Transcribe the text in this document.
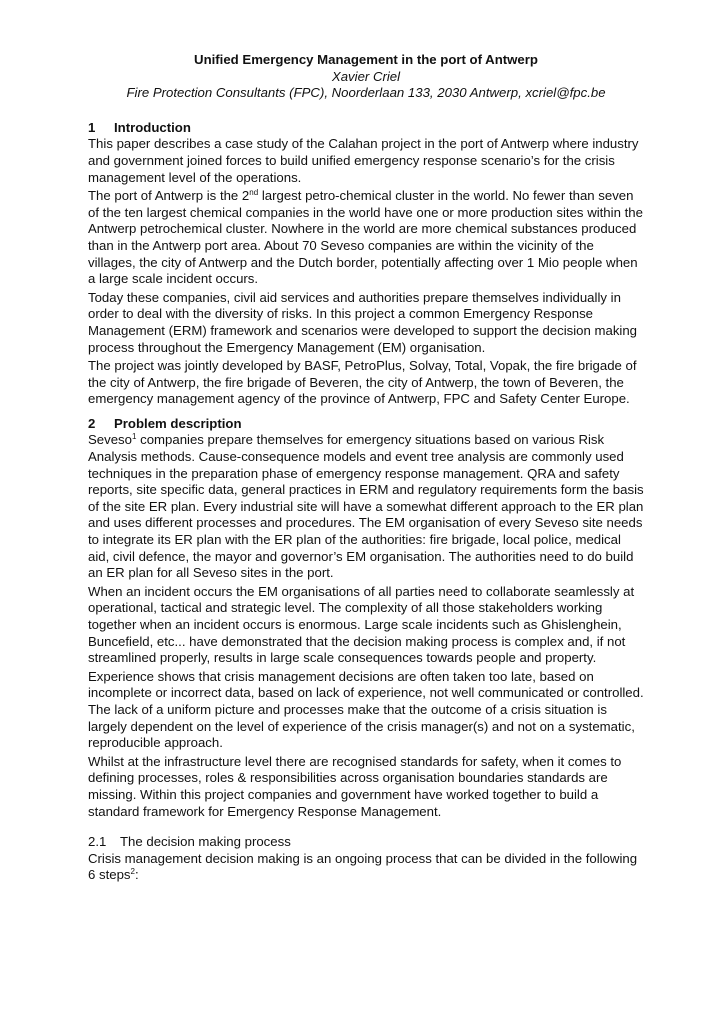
Unified Emergency Management in the port of Antwerp

Xavier Criel

Fire Protection Consultants (FPC), Noorderlaan 133, 2030 Antwerp, xcriel@fpc.be

1 Introduction

This paper describes a case study of the Calahan project in the port of Antwerp where industry and government joined forces to build unified emergency response scenario’s for the crisis management level of the operations.

The port of Antwerp is the 2nd largest petro-chemical cluster in the world. No fewer than seven of the ten largest chemical companies in the world have one or more production sites within the Antwerp petrochemical cluster. Nowhere in the world are more chemical substances produced than in the Antwerp port area. About 70 Seveso companies are within the vicinity of the villages, the city of Antwerp and the Dutch border, potentially affecting over 1 Mio people when a large scale incident occurs.

Today these companies, civil aid services and authorities prepare themselves individually in order to deal with the diversity of risks. In this project a common Emergency Response Management (ERM) framework and scenarios were developed to support the decision making process throughout the Emergency Management (EM) organisation.

The project was jointly developed by BASF, PetroPlus, Solvay, Total, Vopak, the fire brigade of the city of Antwerp, the fire brigade of Beveren, the city of Antwerp, the town of Beveren, the emergency management agency of the province of Antwerp, FPC and Safety Center Europe.

2 Problem description

Seveso$^1$ companies prepare themselves for emergency situations based on various Risk Analysis methods. Cause-consequence models and event tree analysis are commonly used techniques in the preparation phase of emergency response management. QRA and safety reports, site specific data, general practices in ERM and regulatory requirements form the basis of the site ER plan. Every industrial site will have a somewhat different approach to the ER plan and uses different processes and procedures. The EM organisation of every Seveso site needs to integrate its ER plan with the ER plan of the authorities: fire brigade, local police, medical aid, civil defence, the mayor and governor’s EM organisation. The authorities need to do build an ER plan for all Seveso sites in the port.

When an incident occurs the EM organisations of all parties need to collaborate seamlessly at operational, tactical and strategic level. The complexity of all those stakeholders working together when an incident occurs is enormous. Large scale incidents such as Ghislenghein, Buncefield, etc... have demonstrated that the decision making process is complex and, if not streamlined properly, results in large scale consequences towards people and property.

Experience shows that crisis management decisions are often taken too late, based on incomplete or incorrect data, based on lack of experience, not well communicated or controlled. The lack of a uniform picture and processes make that the outcome of a crisis situation is largely dependent on the level of experience of the crisis manager(s) and not on a systematic, reproducible approach.

Whilst at the infrastructure level there are recognised standards for safety, when it comes to defining processes, roles & responsibilities across organisation boundaries standards are missing. Within this project companies and government have worked together to build a standard framework for Emergency Response Management.

2.1 The decision making process

Crisis management decision making is an ongoing process that can be divided in the following 6 steps$^2$:
